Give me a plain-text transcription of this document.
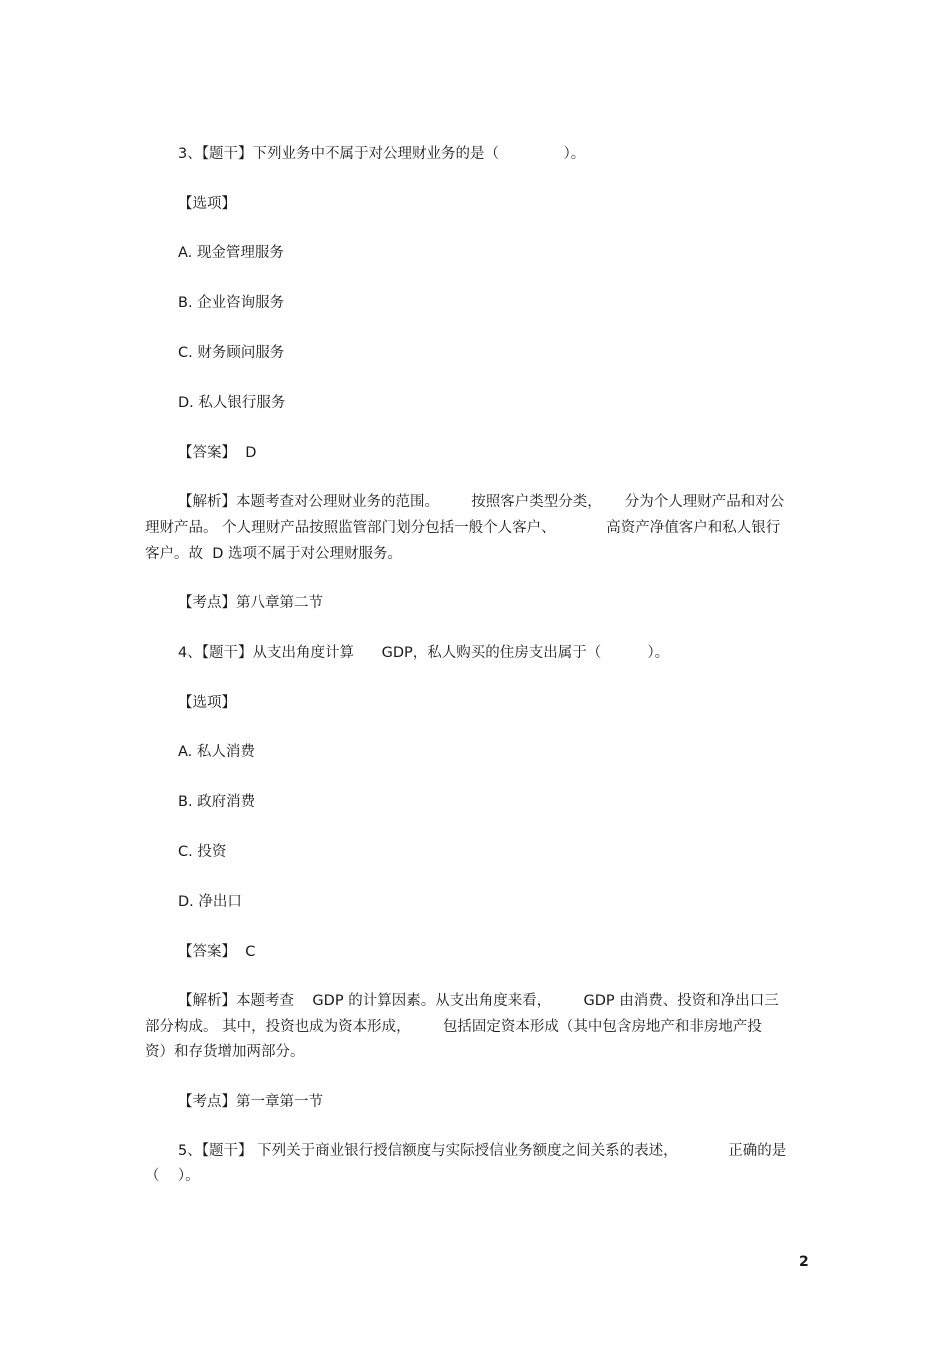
3、【题干】下列业务中不属于对公理财业务的是（              ）。
【选项】
A. 现金管理服务
B. 企业咨询服务
C. 财务顾问服务
D. 私人银行服务
【答案】  D
【解析】本题考查对公理财业务的范围。       按照客户类型分类，     分为个人理财产品和对公
理财产品。 个人理财产品按照监管部门划分包括一般个人客户、           高资产净值客户和私人银行
客户。故  D 选项不属于对公理财服务。
【考点】第八章第二节
4、【题干】从支出角度计算      GDP，私人购买的住房支出属于（          ）。
【选项】
A. 私人消费
B. 政府消费
C. 投资
D. 净出口
【答案】  C
【解析】本题考查    GDP 的计算因素。从支出角度来看，       GDP 由消费、投资和净出口三
部分构成。 其中，投资也成为资本形成，       包括固定资本形成（其中包含房地产和非房地产投
资）和存货增加两部分。
【考点】第一章第一节
5、【题干】 下列关于商业银行授信额度与实际授信业务额度之间关系的表述，           正确的是
（    ）。
2
